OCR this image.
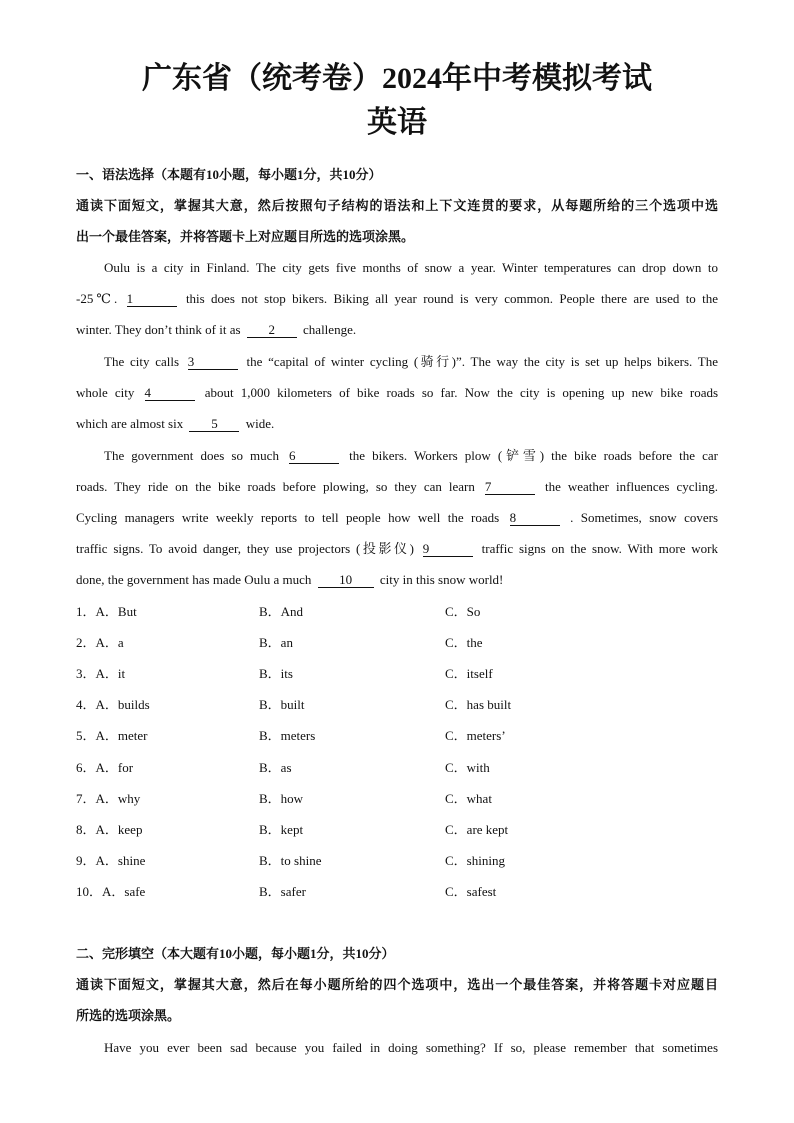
广东省（统考卷）2024年中考模拟考试
英语
一、语法选择（本题有10小题，每小题1分，共10分）
通读下面短文，掌握其大意，然后按照句子结构的语法和上下文连贯的要求，从每题所给的三个选项中选
出一个最佳答案，并将答题卡上对应题目所选的选项涂黑。
Oulu is a city in Finland. The city gets five months of snow a year. Winter temperatures can drop down to
-25℃. 1	this does not stop bikers. Biking all year round is very common. People there are used to the
winter. They don’t think of it as 2 challenge.
The city calls 3	the “capital of winter cycling (骑行)”. The way the city is set up helps bikers. The
whole city 4	about 1,000 kilometers of bike roads so far. Now the city is opening up new bike roads
which are almost six 5 wide.
The government does so much 6	the bikers. Workers plow (铲雪) the bike roads before the car
roads. They ride on the bike roads before plowing, so they can learn 7	the weather influences cycling.
Cycling managers write weekly reports to tell people how well the roads 8	. Sometimes, snow covers
traffic signs. To avoid danger, they use projectors (投影仪) 9	traffic signs on the snow. With more work
done, the government has made Oulu a much 10 city in this snow world!
1．A．But	B．And	C．So
2．A．a	B．an	C．the
3．A．it	B．its	C．itself
4．A．builds	B．built	C．has built
5．A．meter	B．meters	C．meters’
6．A．for	B．as	C．with
7．A．why	B．how	C．what
8．A．keep	B．kept	C．are kept
9．A．shine	B．to shine	C．shining
10．A．safe	B．safer	C．safest
二、完形填空（本大题有10小题，每小题1分，共10分）
通读下面短文，掌握其大意，然后在每小题所给的四个选项中，选出一个最佳答案，并将答题卡对应题目
所选的选项涂黑。
Have you ever been sad because you failed in doing something? If so, please remember that sometimes
